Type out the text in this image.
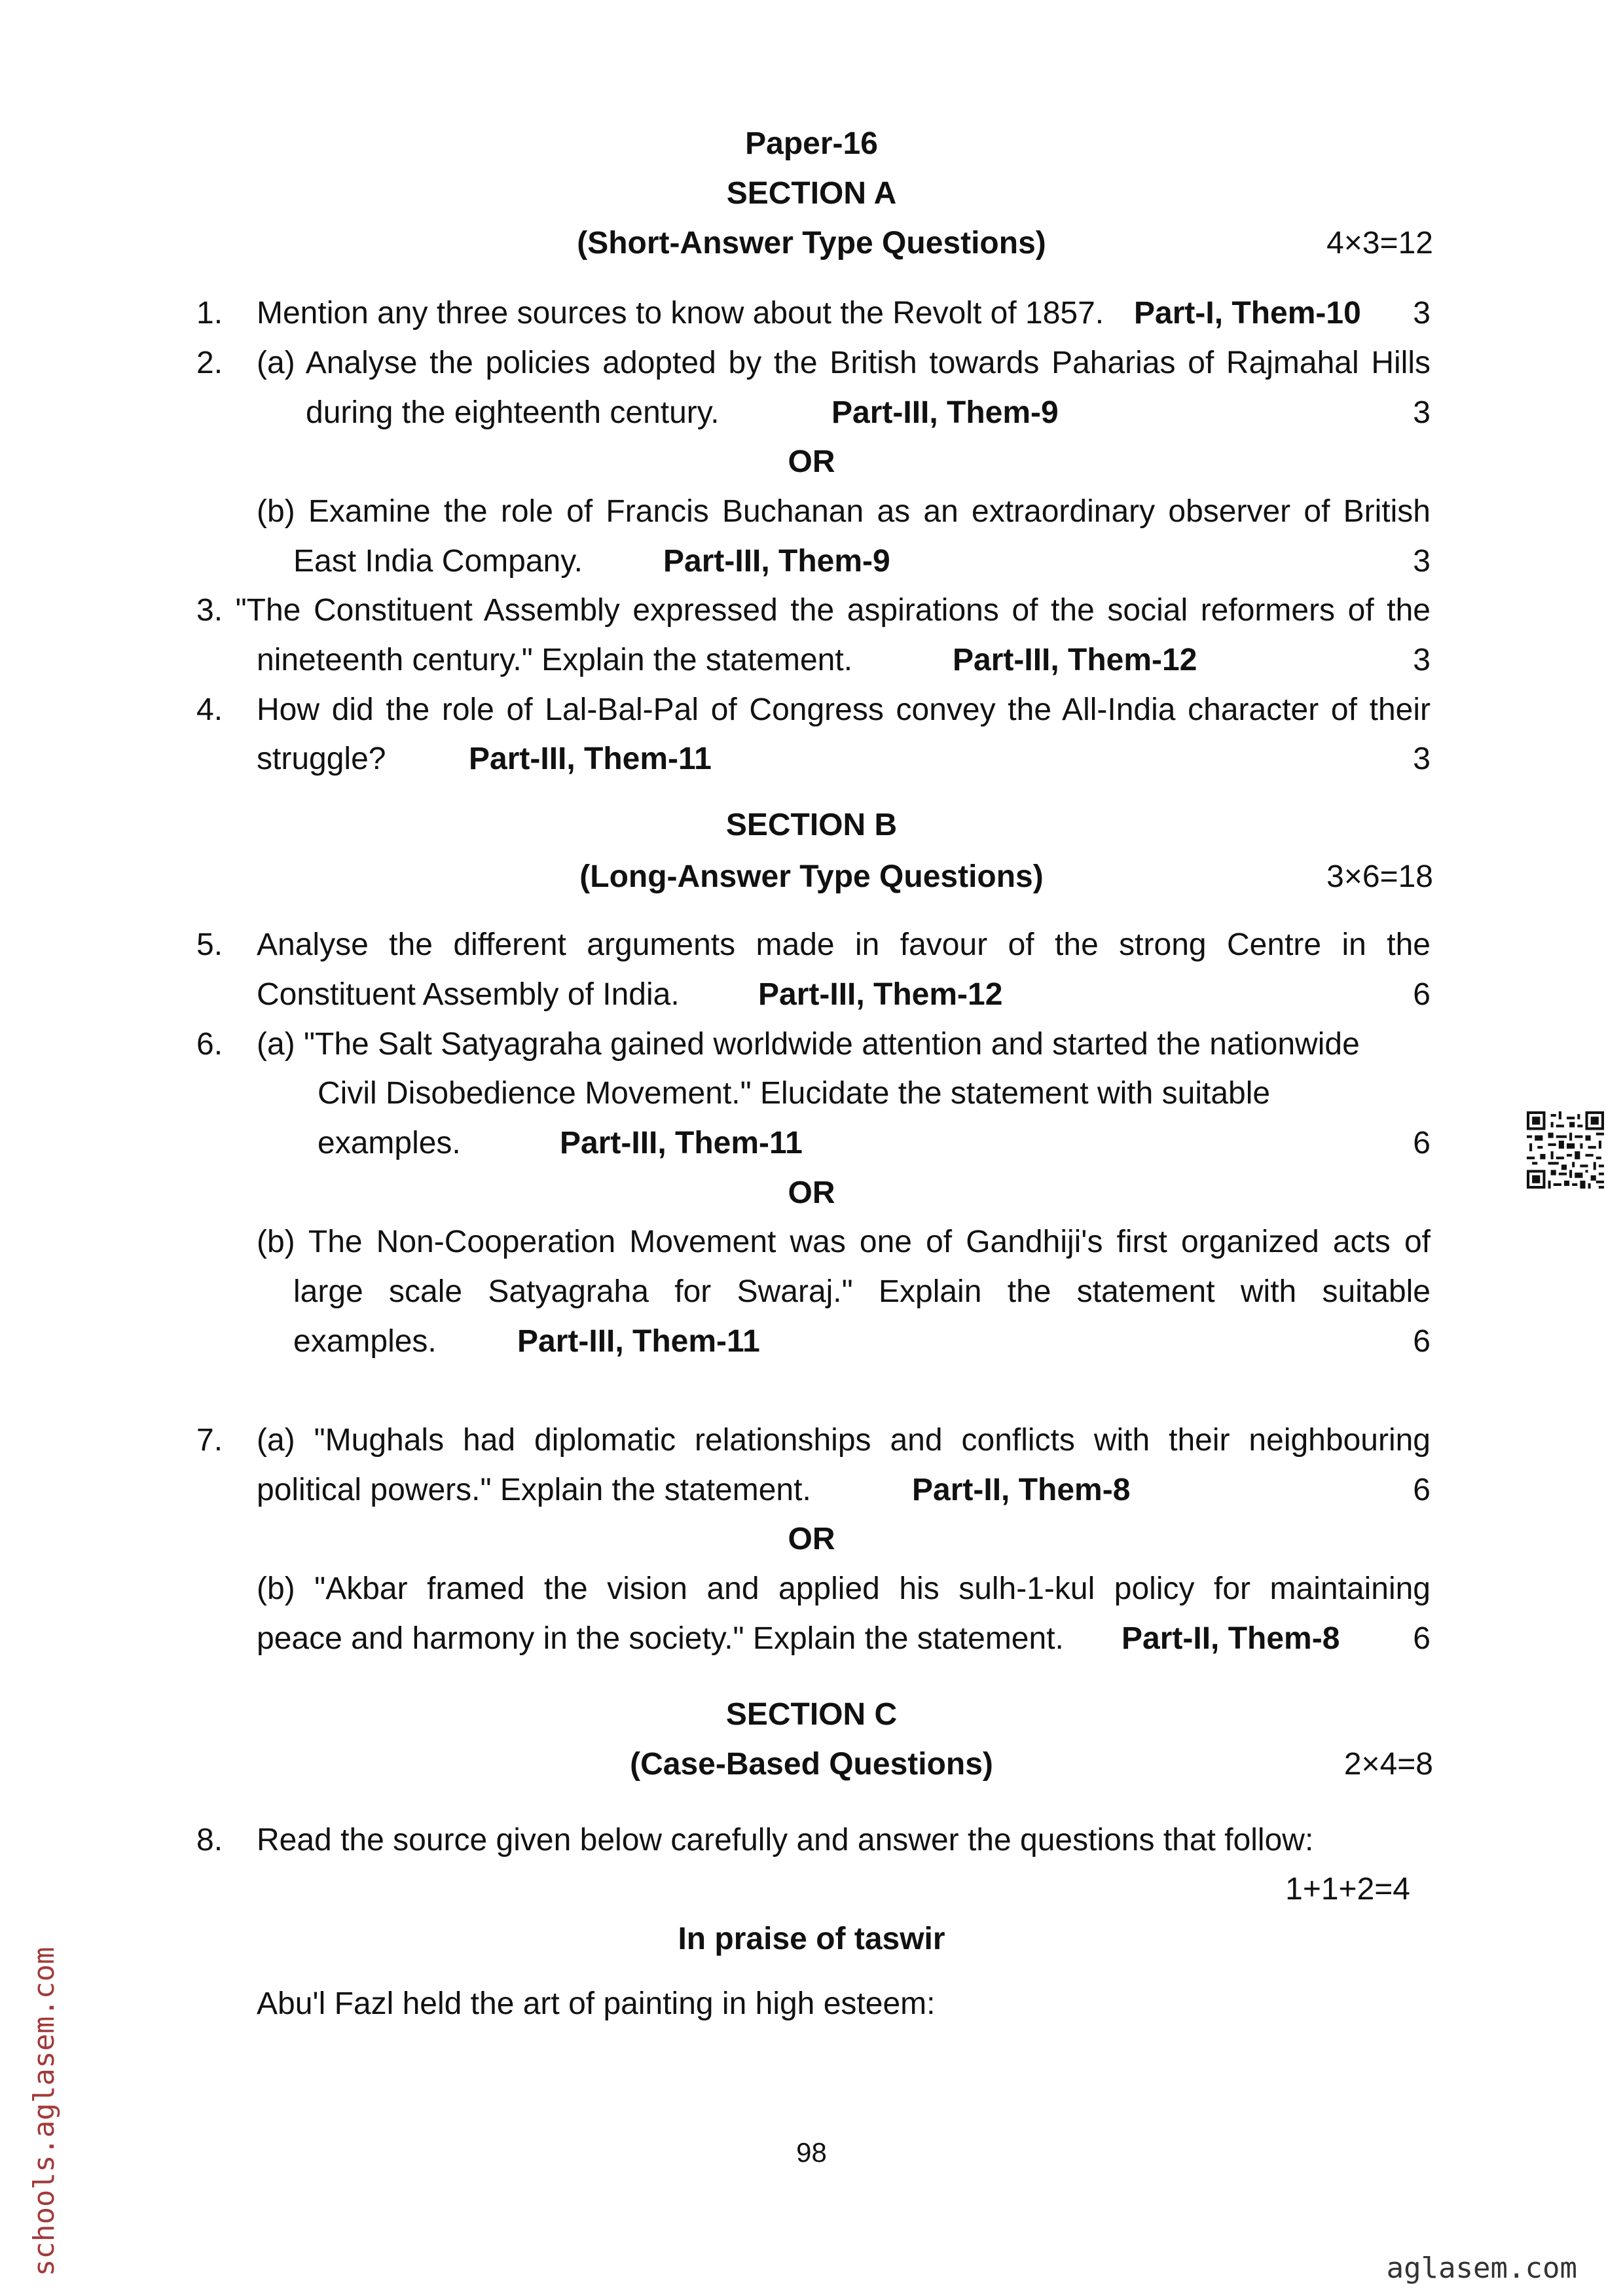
Paper-16
SECTION A
(Short-Answer Type Questions)	4×3=12
1. Mention any three sources to know about the Revolt of 1857. Part-I, Them-10	3
2. (a) Analyse the policies adopted by the British towards Paharias of Rajmahal Hills
during the eighteenth century.	Part-III, Them-9	3
OR
(b) Examine the role of Francis Buchanan as an extraordinary observer of British
East India Company.	Part-III, Them-9	3
3. "The Constituent Assembly expressed the aspirations of the social reformers of the
nineteenth century." Explain the statement.	Part-III, Them-12	3
4. How did the role of Lal-Bal-Pal of Congress convey the All-India character of their
struggle?	Part-III, Them-11	3
SECTION B
(Long-Answer Type Questions)	3×6=18
5. Analyse the different arguments made in favour of the strong Centre in the
Constituent Assembly of India.	Part-III, Them-12	6
6. (a) "The Salt Satyagraha gained worldwide attention and started the nationwide
Civil Disobedience Movement." Elucidate the statement with suitable
examples.	Part-III, Them-11	6
OR
(b) The Non-Cooperation Movement was one of Gandhiji's first organized acts of
large scale Satyagraha for Swaraj." Explain the statement with suitable
examples.	Part-III, Them-11	6
7. (a) "Mughals had diplomatic relationships and conflicts with their neighbouring
political powers." Explain the statement.	Part-II, Them-8	6
OR
(b) "Akbar framed the vision and applied his sulh-1-kul policy for maintaining
peace and harmony in the society." Explain the statement. Part-II, Them-8	6
SECTION C
(Case-Based Questions)	2×4=8
8. Read the source given below carefully and answer the questions that follow:
1+1+2=4
In praise of taswir
Abu'l Fazl held the art of painting in high esteem:
98
schools.aglasem.com	aglasem.com
